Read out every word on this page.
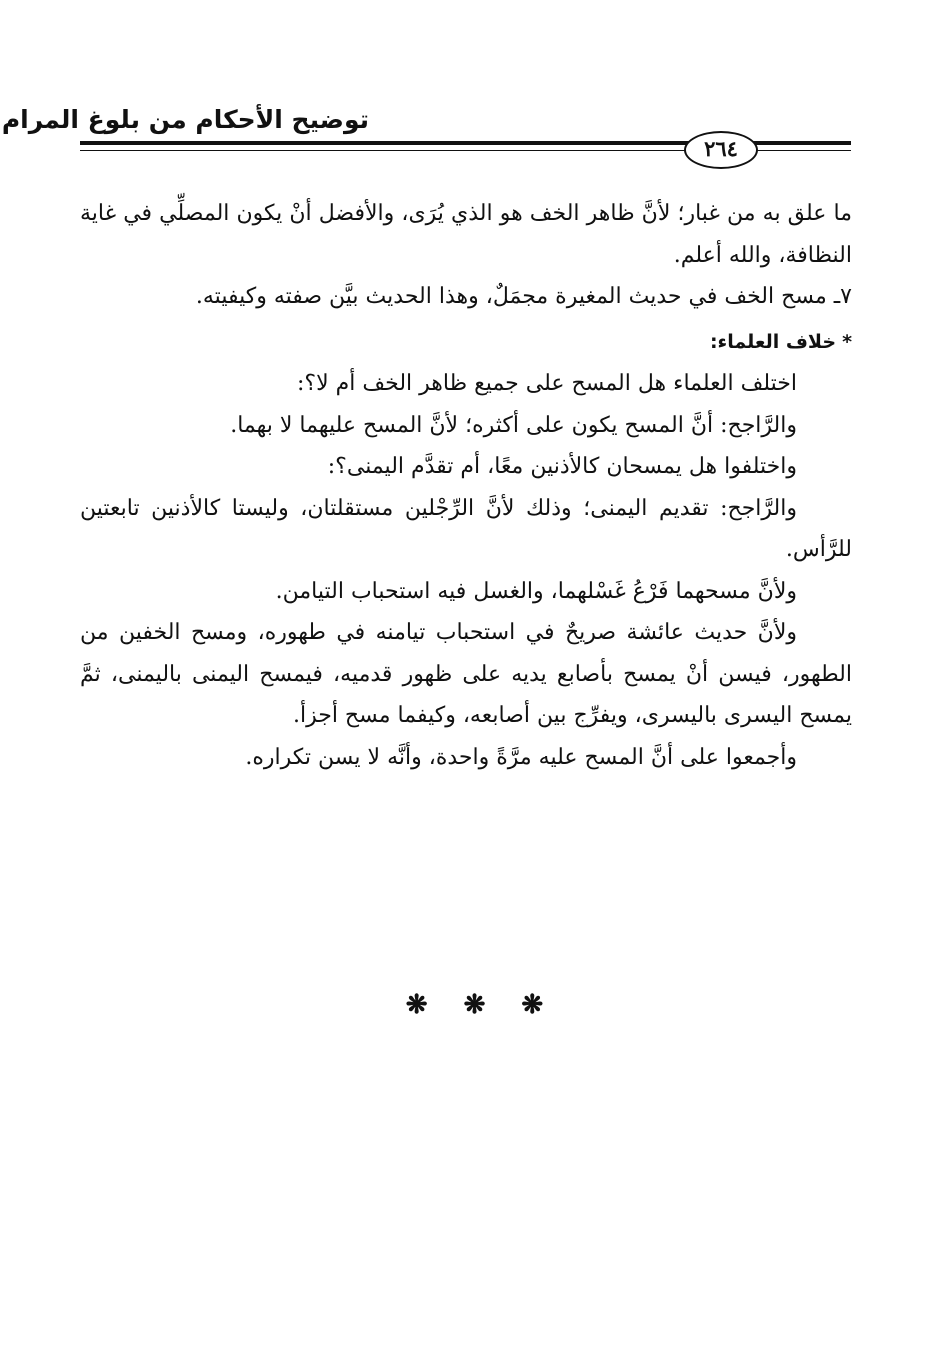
توضيح الأحكام من بلوغ المرام
٢٦٤
ما علق به من غبار؛ لأنَّ ظاهر الخف هو الذي يُرَى، والأفضل أنْ يكون المصلِّي في غاية النظافة، والله أعلم.
٧ـ مسح الخف في حديث المغيرة مجمَلٌ، وهذا الحديث بيَّن صفته وكيفيته.
*خلاف العلماء:
اختلف العلماء هل المسح على جميع ظاهر الخف أم لا؟:
والرَّاجح: أنَّ المسح يكون على أكثره؛ لأنَّ المسح عليهما لا بهما.
واختلفوا هل يمسحان كالأذنين معًا، أم تقدَّم اليمنى؟:
والرَّاجح: تقديم اليمنى؛ وذلك لأنَّ الرِّجْلين مستقلتان، وليستا كالأذنين تابعتين للرَّأس.
ولأنَّ مسحهما فَرْعُ غَسْلهما، والغسل فيه استحباب التيامن.
ولأنَّ حديث عائشة صريحٌ في استحباب تيامنه في طهوره، ومسح الخفين من الطهور، فيسن أنْ يمسح بأصابع يديه على ظهور قدميه، فيمسح اليمنى باليمنى، ثمَّ يمسح اليسرى باليسرى، ويفرِّج بين أصابعه، وكيفما مسح أجزأ.
وأجمعوا على أنَّ المسح عليه مرَّةً واحدة، وأنَّه لا يسن تكراره.
❋ ❋ ❋
